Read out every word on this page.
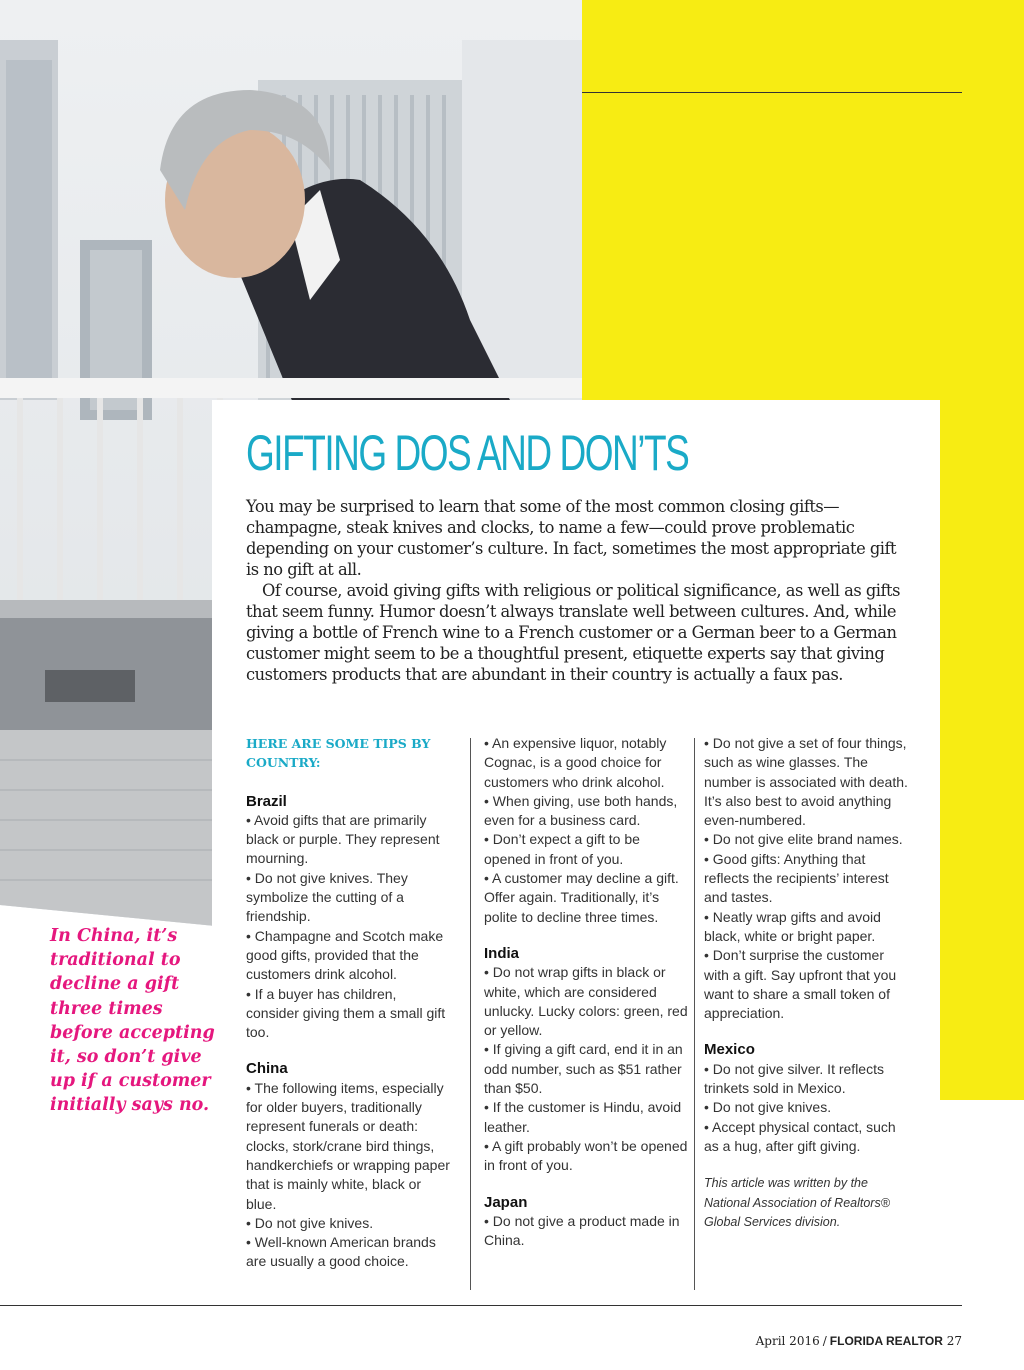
GIFTING DOS AND DON’TS

You may be surprised to learn that some of the most common closing gifts—champagne, steak knives and clocks, to name a few—could prove problematic depending on your customer’s culture. In fact, sometimes the most appropriate gift is no gift at all.

Of course, avoid giving gifts with religious or political significance, as well as gifts that seem funny. Humor doesn’t always translate well between cultures. And, while giving a bottle of French wine to a French customer or a German beer to a German customer might seem to be a thoughtful present, etiquette experts say that giving customers products that are abundant in their country is actually a faux pas.

HERE ARE SOME TIPS BY COUNTRY:

Brazil

• Avoid gifts that are primarily black or purple. They represent mourning.

• Do not give knives. They symbolize the cutting of a friendship.

• Champagne and Scotch make good gifts, provided that the customers drink alcohol.

• If a buyer has children, consider giving them a small gift too.

China

• The following items, especially for older buyers, traditionally represent funerals or death: clocks, stork/crane bird things, handkerchiefs or wrapping paper that is mainly white, black or blue.

• Do not give knives.

• Well-known American brands are usually a good choice.

• An expensive liquor, notably Cognac, is a good choice for customers who drink alcohol.

• When giving, use both hands, even for a business card.

• Don’t expect a gift to be opened in front of you.

• A customer may decline a gift. Offer again. Traditionally, it’s polite to decline three times.

India

• Do not wrap gifts in black or white, which are considered unlucky. Lucky colors: green, red or yellow.

• If giving a gift card, end it in an odd number, such as $51 rather than $50.

• If the customer is Hindu, avoid leather.

• A gift probably won’t be opened in front of you.

Japan

• Do not give a product made in China.

• Do not give a set of four things, such as wine glasses. The number is associated with death. It’s also best to avoid anything even-numbered.

• Do not give elite brand names.

• Good gifts: Anything that reflects the recipients’ interest and tastes.

• Neatly wrap gifts and avoid black, white or bright paper.

• Don’t surprise the customer with a gift. Say upfront that you want to share a small token of appreciation.

Mexico

• Do not give silver. It reflects trinkets sold in Mexico.

• Do not give knives.

• Accept physical contact, such as a hug, after gift giving.

This article was written by the National Association of Realtors® Global Services division.

In China, it’s traditional to decline a gift three times before accepting it, so don’t give up if a customer initially says no.
April 2016 / FLORIDA REALTOR 27
